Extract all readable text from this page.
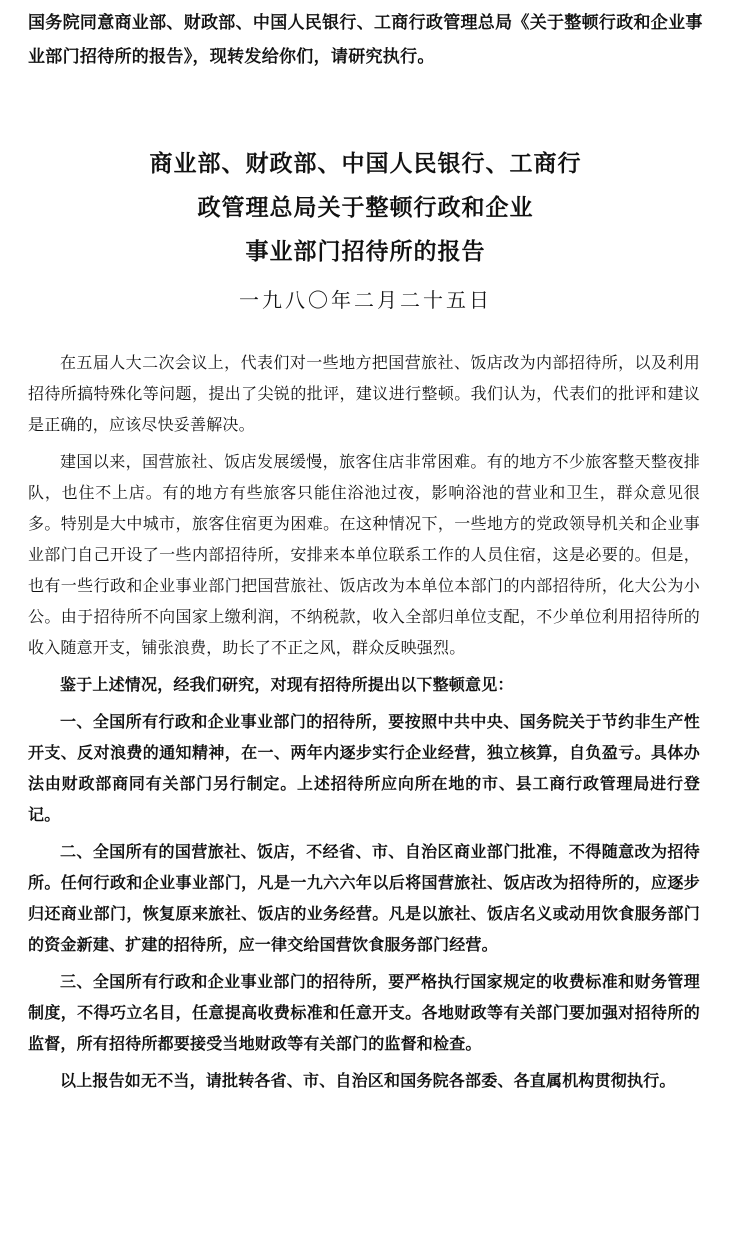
国务院同意商业部、财政部、中国人民银行、工商行政管理总局《关于整顿行政和企业事业部门招待所的报告》，现转发给你们，请研究执行。
商业部、财政部、中国人民银行、工商行
政管理总局关于整顿行政和企业
事业部门招待所的报告
一九八〇年二月二十五日

在五届人大二次会议上，代表们对一些地方把国营旅社、饭店改为内部招待所，以及利用招待所搞特殊化等问题，提出了尖锐的批评，建议进行整顿。我们认为，代表们的批评和建议是正确的，应该尽快妥善解决。

建国以来，国营旅社、饭店发展缓慢，旅客住店非常困难。有的地方不少旅客整天整夜排队，也住不上店。有的地方有些旅客只能住浴池过夜，影响浴池的营业和卫生，群众意见很多。特别是大中城市，旅客住宿更为困难。在这种情况下，一些地方的党政领导机关和企业事业部门自己开设了一些内部招待所，安排来本单位联系工作的人员住宿，这是必要的。但是，也有一些行政和企业事业部门把国营旅社、饭店改为本单位本部门的内部招待所，化大公为小公。由于招待所不向国家上缴利润，不纳税款，收入全部归单位支配，不少单位利用招待所的收入随意开支，铺张浪费，助长了不正之风，群众反映强烈。

鉴于上述情况，经我们研究，对现有招待所提出以下整顿意见：

一、全国所有行政和企业事业部门的招待所，要按照中共中央、国务院关于节约非生产性开支、反对浪费的通知精神，在一、两年内逐步实行企业经营，独立核算，自负盈亏。具体办法由财政部商同有关部门另行制定。上述招待所应向所在地的市、县工商行政管理局进行登记。

二、全国所有的国营旅社、饭店，不经省、市、自治区商业部门批准，不得随意改为招待所。任何行政和企业事业部门，凡是一九六六年以后将国营旅社、饭店改为招待所的，应逐步归还商业部门，恢复原来旅社、饭店的业务经营。凡是以旅社、饭店名义或动用饮食服务部门的资金新建、扩建的招待所，应一律交给国营饮食服务部门经营。

三、全国所有行政和企业事业部门的招待所，要严格执行国家规定的收费标准和财务管理制度，不得巧立名目，任意提高收费标准和任意开支。各地财政等有关部门要加强对招待所的监督，所有招待所都要接受当地财政等有关部门的监督和检查。

以上报告如无不当，请批转各省、市、自治区和国务院各部委、各直属机构贯彻执行。
